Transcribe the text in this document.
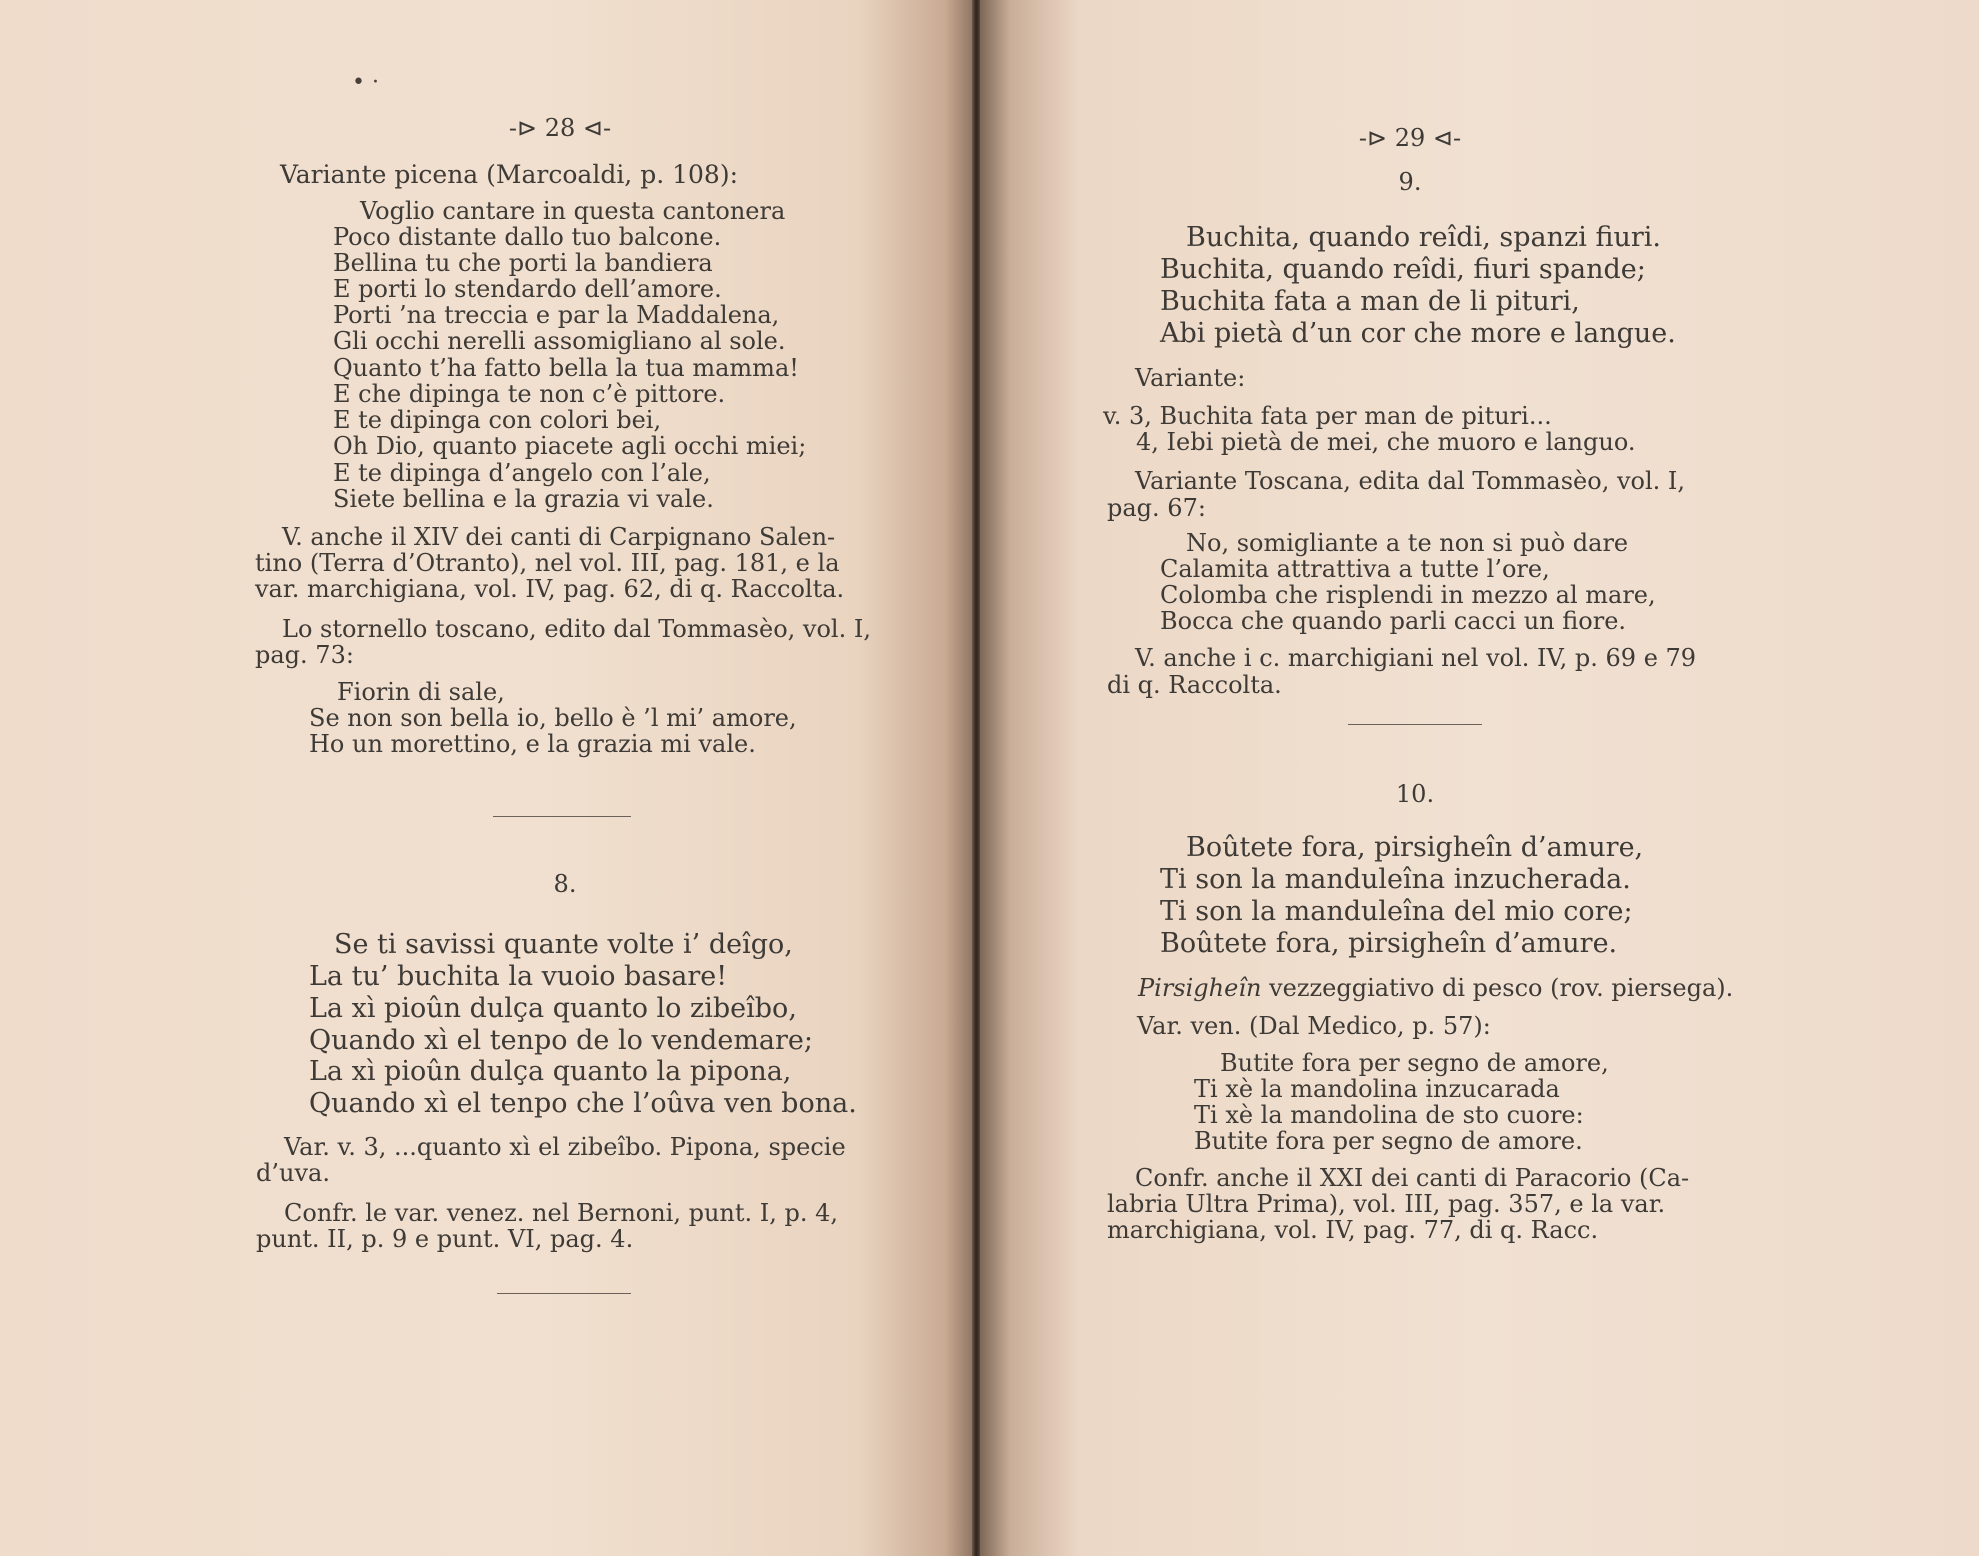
• ·
-⊳ 28 ⊲-
Variante picena (Marcoaldi, p. 108):
Voglio cantare in questa cantonera
Poco distante dallo tuo balcone.
Bellina tu che porti la bandiera
E porti lo stendardo dell’amore.
Porti ’na treccia e par la Maddalena,
Gli occhi nerelli assomigliano al sole.
Quanto t’ha fatto bella la tua mamma!
E che dipinga te non c’è pittore.
E te dipinga con colori bei,
Oh Dio, quanto piacete agli occhi miei;
E te dipinga d’angelo con l’ale,
Siete bellina e la grazia vi vale.
V. anche il XIV dei canti di Carpignano Salen-
tino (Terra d’Otranto), nel vol. III, pag. 181, e la
var. marchigiana, vol. IV, pag. 62, di q. Raccolta.
Lo stornello toscano, edito dal Tommasèo, vol. I,
pag. 73:
Fiorin di sale,
Se non son bella io, bello è ’l mi’ amore,
Ho un morettino, e la grazia mi vale.
8.
Se ti savissi quante volte i’ deîgo,
La tu’ buchita la vuoio basare!
La xì pioûn dulça quanto lo zibeîbo,
Quando xì el tenpo de lo vendemare;
La xì pioûn dulça quanto la pipona,
Quando xì el tenpo che l’oûva ven bona.
Var. v. 3, ...quanto xì el zibeîbo. Pipona, specie
d’uva.
Confr. le var. venez. nel Bernoni, punt. I, p. 4,
punt. II, p. 9 e punt. VI, pag. 4.
-⊳ 29 ⊲-
9.
Buchita, quando reîdi, spanzi fiuri.
Buchita, quando reîdi, fiuri spande;
Buchita fata a man de li pituri,
Abi pietà d’un cor che more e langue.
Variante:
v. 3, Buchita fata per man de pituri...
4, Iebi pietà de mei, che muoro e languo.
Variante Toscana, edita dal Tommasèo, vol. I,
pag. 67:
No, somigliante a te non si può dare
Calamita attrattiva a tutte l’ore,
Colomba che risplendi in mezzo al mare,
Bocca che quando parli cacci un fiore.
V. anche i c. marchigiani nel vol. IV, p. 69 e 79
di q. Raccolta.
10.
Boûtete fora, pirsigheîn d’amure,
Ti son la manduleîna inzucherada.
Ti son la manduleîna del mio core;
Boûtete fora, pirsigheîn d’amure.
Pirsigheîn vezzeggiativo di pesco (rov. piersega).
Var. ven. (Dal Medico, p. 57):
Butite fora per segno de amore,
Ti xè la mandolina inzucarada
Ti xè la mandolina de sto cuore:
Butite fora per segno de amore.
Confr. anche il XXI dei canti di Paracorio (Ca-
labria Ultra Prima), vol. III, pag. 357, e la var.
marchigiana, vol. IV, pag. 77, di q. Racc.
